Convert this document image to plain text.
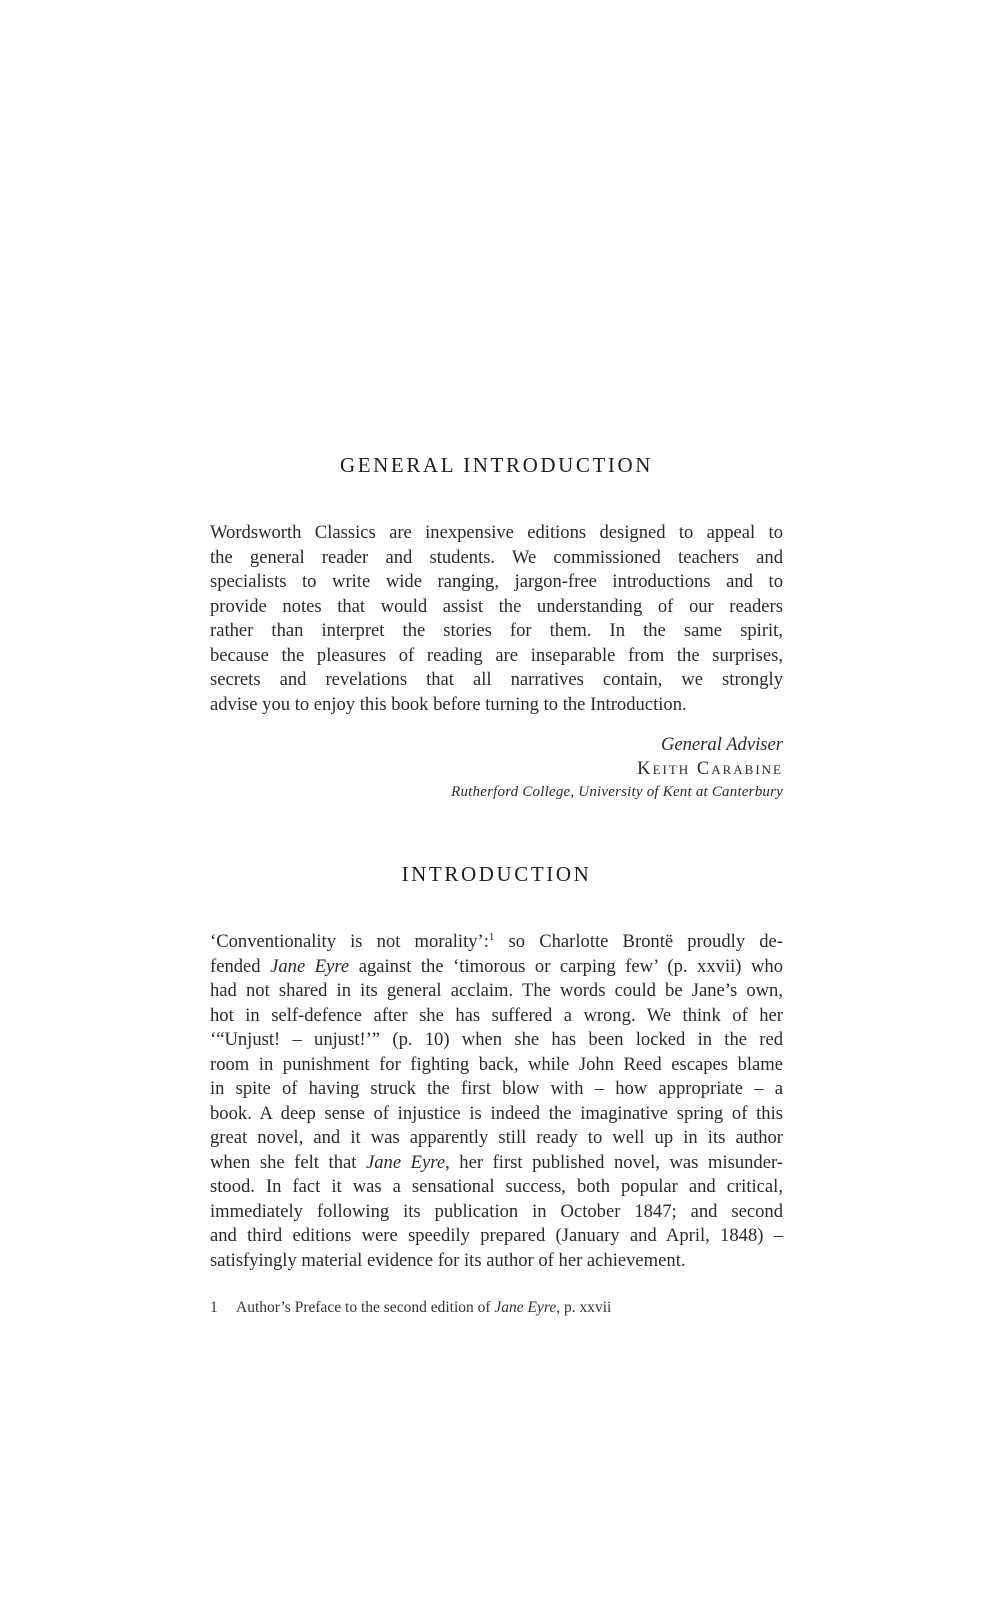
GENERAL INTRODUCTION
Wordsworth Classics are inexpensive editions designed to appeal to
the general reader and students. We commissioned teachers and
specialists to write wide ranging, jargon-free introductions and to
provide notes that would assist the understanding of our readers
rather than interpret the stories for them. In the same spirit,
because the pleasures of reading are inseparable from the surprises,
secrets and revelations that all narratives contain, we strongly
advise you to enjoy this book before turning to the Introduction.
General Adviser
Keith Carabine
Rutherford College, University of Kent at Canterbury
INTRODUCTION
‘Conventionality is not morality’:$^1$ so Charlotte Brontë proudly de-
fended Jane Eyre against the ‘timorous or carping few’ (p. xxvii) who
had not shared in its general acclaim. The words could be Jane’s own,
hot in self-defence after she has suffered a wrong. We think of her
‘“Unjust! – unjust!’” (p. 10) when she has been locked in the red
room in punishment for fighting back, while John Reed escapes blame
in spite of having struck the first blow with – how appropriate – a
book. A deep sense of injustice is indeed the imaginative spring of this
great novel, and it was apparently still ready to well up in its author
when she felt that Jane Eyre, her first published novel, was misunder-
stood. In fact it was a sensational success, both popular and critical,
immediately following its publication in October 1847; and second
and third editions were speedily prepared (January and April, 1848) –
satisfyingly material evidence for its author of her achievement.
1 Author’s Preface to the second edition of Jane Eyre, p. xxvii
